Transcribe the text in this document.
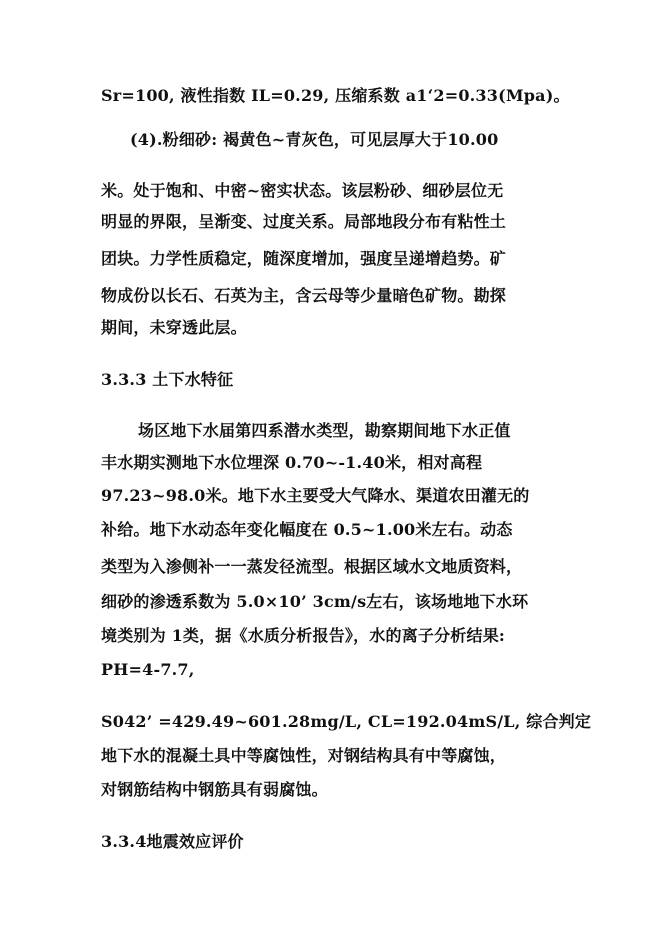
Sr=100, 液性指数 IL=0.29, 压缩系数 a1‘2=0.33(Mpa)。
(4).粉细砂: 褐黄色~青灰色，可见层厚大于10.00
米。处于饱和、中密~密实状态。该层粉砂、细砂层位无
明显的界限，呈渐变、过度关系。局部地段分布有粘性土
团块。力学性质稳定，随深度增加，强度呈递增趋势。矿
物成份以长石、石英为主，含云母等少量暗色矿物。勘探
期间，未穿透此层。
3.3.3 土下水特征
场区地下水届第四系潜水类型，勘察期间地下水正值
丰水期实测地下水位埋深 0.70~-1.40米，相对高程
97.23~98.0米。地下水主要受大气降水、渠道农田灌无的
补给。地下水动态年变化幅度在 0.5~1.00米左右。动态
类型为入渗侧补一一蒸发径流型。根据区域水文地质资料，
细砂的渗透系数为 5.0×10’ 3cm/s左右，该场地地下水环
境类别为 1类，据《水质分析报告》，水的离子分析结果:
PH=4-7.7,
S042’ =429.49~601.28mg/L, CL=192.04mS/L, 综合判定
地下水的混凝土具中等腐蚀性，对钢结构具有中等腐蚀，
对钢筋结构中钢筋具有弱腐蚀。
3.3.4地震效应评价
